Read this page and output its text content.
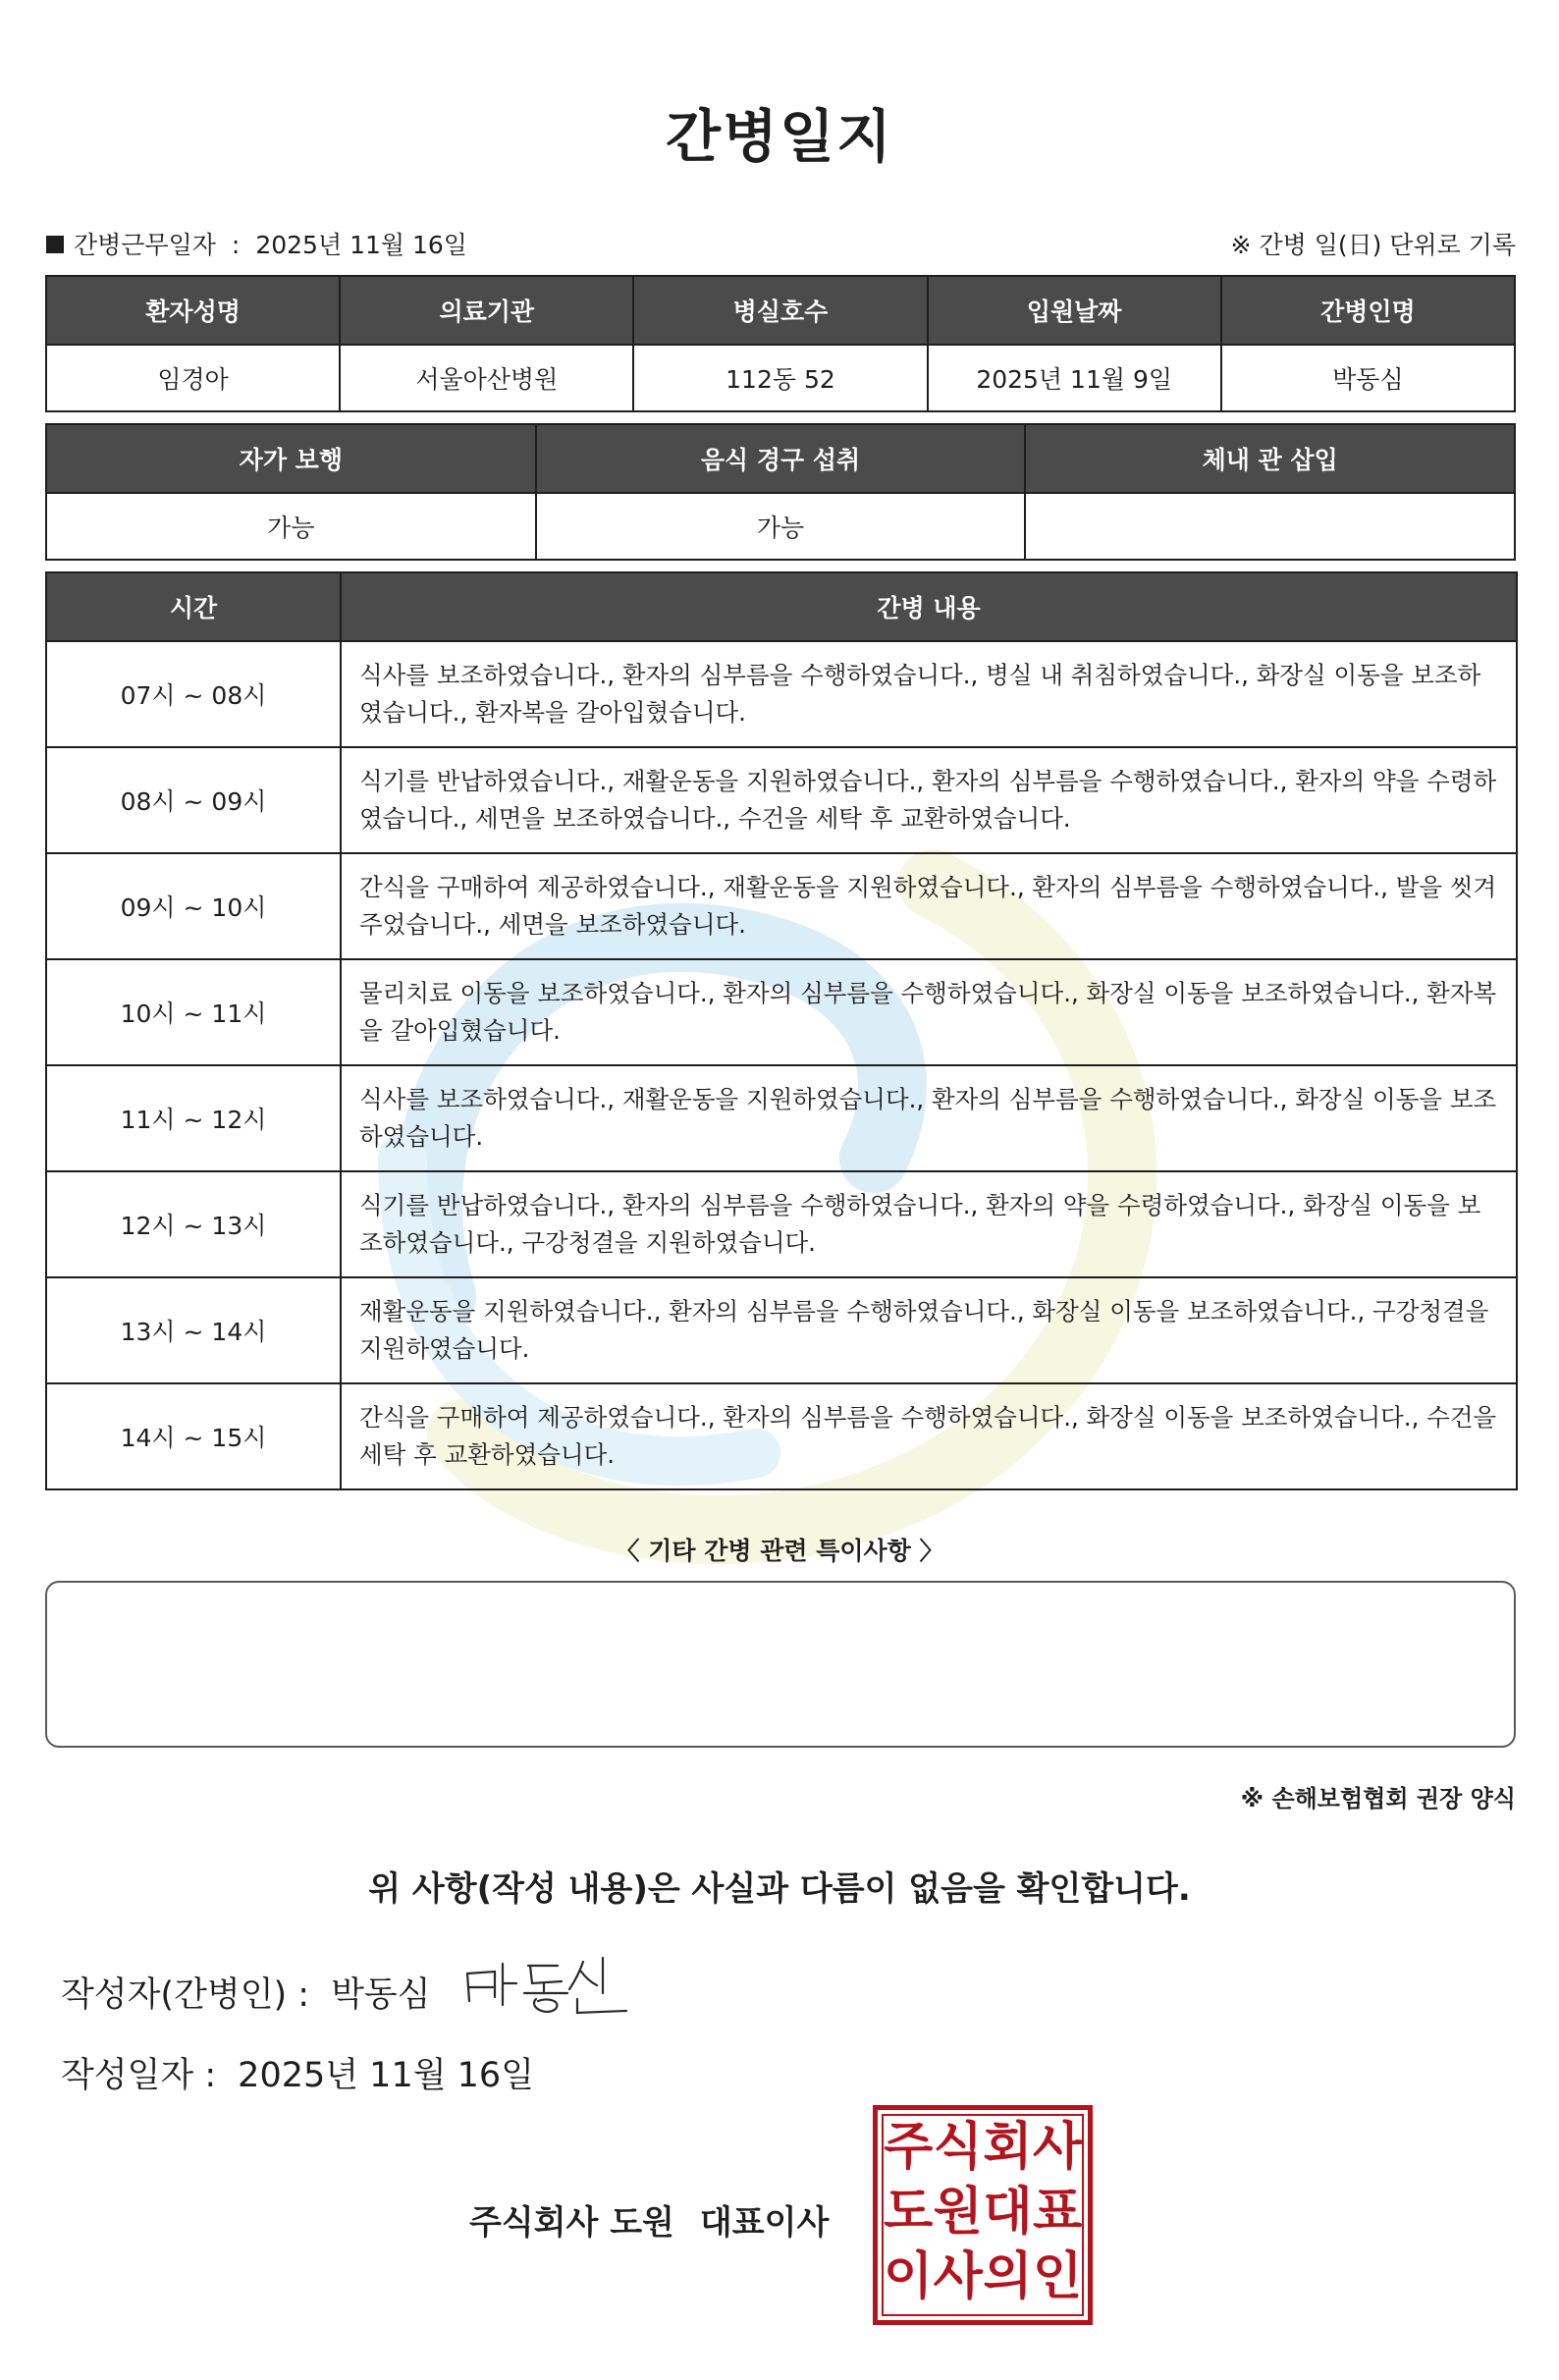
간병일지
간병근무일자 : 2025년 11월 16일	※ 간병 일(日) 단위로 기록
환자성명	의료기관	병실호수	입원날짜	간병인명
임경아	서울아산병원	112동 52	2025년 11월 9일	박동심
자가 보행	음식 경구 섭취	체내 관 삽입
가능	가능	
시간	간병 내용
07시 ~ 08시	식사를 보조하였습니다., 환자의 심부름을 수행하였습니다., 병실 내 취침하였습니다., 화장실 이동을 보조하였습니다., 환자복을 갈아입혔습니다.
08시 ~ 09시	식기를 반납하였습니다., 재활운동을 지원하였습니다., 환자의 심부름을 수행하였습니다., 환자의 약을 수령하였습니다., 세면을 보조하였습니다., 수건을 세탁 후 교환하였습니다.
09시 ~ 10시	간식을 구매하여 제공하였습니다., 재활운동을 지원하였습니다., 환자의 심부름을 수행하였습니다., 발을 씻겨주었습니다., 세면을 보조하였습니다.
10시 ~ 11시	물리치료 이동을 보조하였습니다., 환자의 심부름을 수행하였습니다., 화장실 이동을 보조하였습니다., 환자복을 갈아입혔습니다.
11시 ~ 12시	식사를 보조하였습니다., 재활운동을 지원하였습니다., 환자의 심부름을 수행하였습니다., 화장실 이동을 보조하였습니다.
12시 ~ 13시	식기를 반납하였습니다., 환자의 심부름을 수행하였습니다., 환자의 약을 수령하였습니다., 화장실 이동을 보조하였습니다., 구강청결을 지원하였습니다.
13시 ~ 14시	재활운동을 지원하였습니다., 환자의 심부름을 수행하였습니다., 화장실 이동을 보조하였습니다., 구강청결을 지원하였습니다.
14시 ~ 15시	간식을 구매하여 제공하였습니다., 환자의 심부름을 수행하였습니다., 화장실 이동을 보조하였습니다., 수건을 세탁 후 교환하였습니다.
〈 기타 간병 관련 특이사항 〉
※ 손해보험협회 권장 양식
위 사항(작성 내용)은 사실과 다름이 없음을 확인합니다.
작성자(간병인) : 박동심
작성일자 : 2025년 11월 16일
주식회사 도원 대표이사
주 식 회 사
도 원 대 표
이 사 의 인
